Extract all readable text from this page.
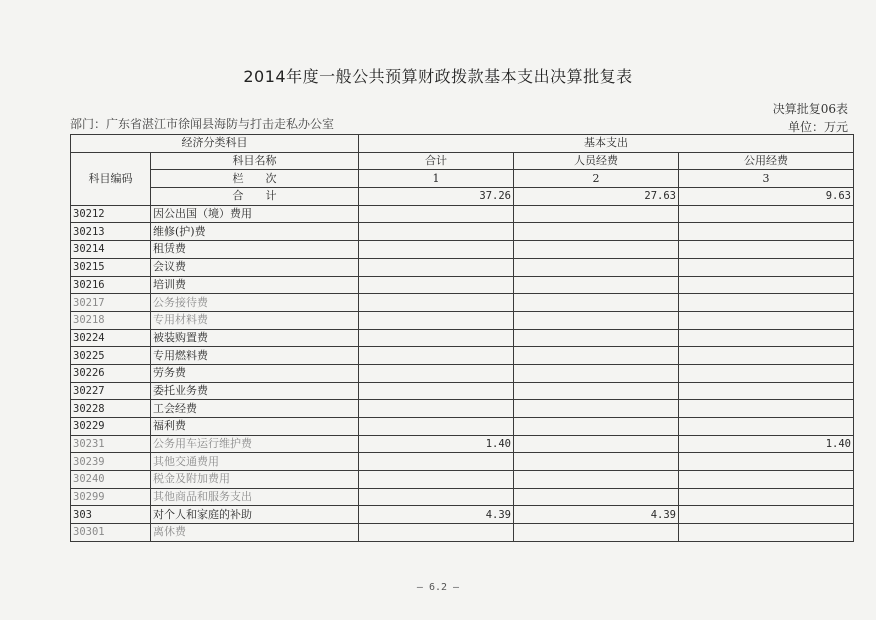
2014年度一般公共预算财政拨款基本支出决算批复表
决算批复06表
部门：广东省湛江市徐闻县海防与打击走私办公室	单位：万元
经济分类科目		基本支出		
科目编码	科目名称	合计	人员经费	公用经费
	栏　　次	1	2	3
	合　　计	37.26	27.63	9.63
30212	因公出国（境）费用			
30213	维修(护)费			
30214	租赁费			
30215	会议费			
30216	培训费			
30217	公务接待费			
30218	专用材料费			
30224	被装购置费			
30225	专用燃料费			
30226	劳务费			
30227	委托业务费			
30228	工会经费			
30229	福利费			
30231	公务用车运行维护费	1.40		1.40
30239	其他交通费用			
30240	税金及附加费用			
30299	其他商品和服务支出			
303	对个人和家庭的补助	4.39	4.39	
30301	离休费			
— 6.2 —
